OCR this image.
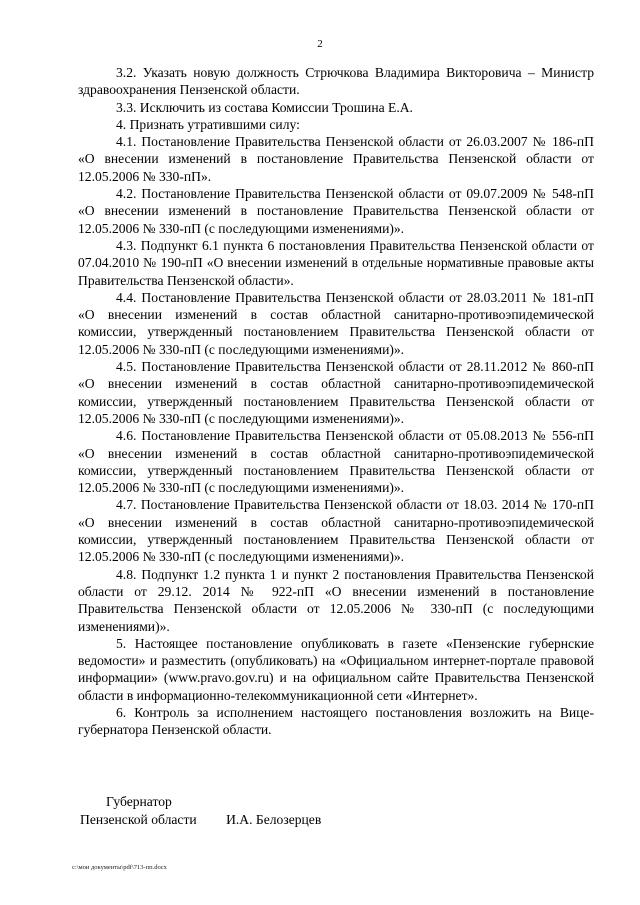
2

3.2. Указать новую должность Стрючкова Владимира Викторовича – Министр здравоохранения Пензенской области.

3.3. Исключить из состава Комиссии Трошина Е.А.

4. Признать утратившими силу:

4.1. Постановление Правительства Пензенской области от 26.03.2007 № 186-пП «О внесении изменений в постановление Правительства Пензенской области от 12.05.2006 № 330-пП».

4.2. Постановление Правительства Пензенской области от 09.07.2009 № 548-пП «О внесении изменений в постановление Правительства Пензенской области от 12.05.2006 № 330-пП (с последующими изменениями)».

4.3. Подпункт 6.1 пункта 6 постановления Правительства Пензенской области от 07.04.2010 № 190-пП «О внесении изменений в отдельные нормативные правовые акты Правительства Пензенской области».

4.4. Постановление Правительства Пензенской области от 28.03.2011 № 181-пП «О внесении изменений в состав областной санитарно-противоэпидемической комиссии, утвержденный постановлением Правительства Пензенской области от 12.05.2006 № 330-пП (с последующими изменениями)».

4.5. Постановление Правительства Пензенской области от 28.11.2012 № 860-пП «О внесении изменений в состав областной санитарно-противоэпидемической комиссии, утвержденный постановлением Правительства Пензенской области от 12.05.2006 № 330-пП (с последующими изменениями)».

4.6. Постановление Правительства Пензенской области от 05.08.2013 № 556-пП «О внесении изменений в состав областной санитарно-противоэпидемической комиссии, утвержденный постановлением Правительства Пензенской области от 12.05.2006 № 330-пП (с последующими изменениями)».

4.7. Постановление Правительства Пензенской области от 18.03. 2014 № 170-пП «О внесении изменений в состав областной санитарно-противоэпидемической комиссии, утвержденный постановлением Правительства Пензенской области от 12.05.2006 № 330-пП (с последующими изменениями)».

4.8. Подпункт 1.2 пункта 1 и пункт 2 постановления Правительства Пензенской области от 29.12. 2014 № 922-пП «О внесении изменений в постановление Правительства Пензенской области от 12.05.2006 № 330-пП (с последующими изменениями)».

5. Настоящее постановление опубликовать в газете «Пензенские губернские ведомости» и разместить (опубликовать) на «Официальном интернет-портале правовой информации» (www.pravo.gov.ru) и на официальном сайте Правительства Пензенской области в информационно-телекоммуникационной сети «Интернет».

6. Контроль за исполнением настоящего постановления возложить на Вице-губернатора Пензенской области.

Губернатор
Пензенской области И.А. Белозерцев
c:\мои документы\pdf\713-пп.docx
